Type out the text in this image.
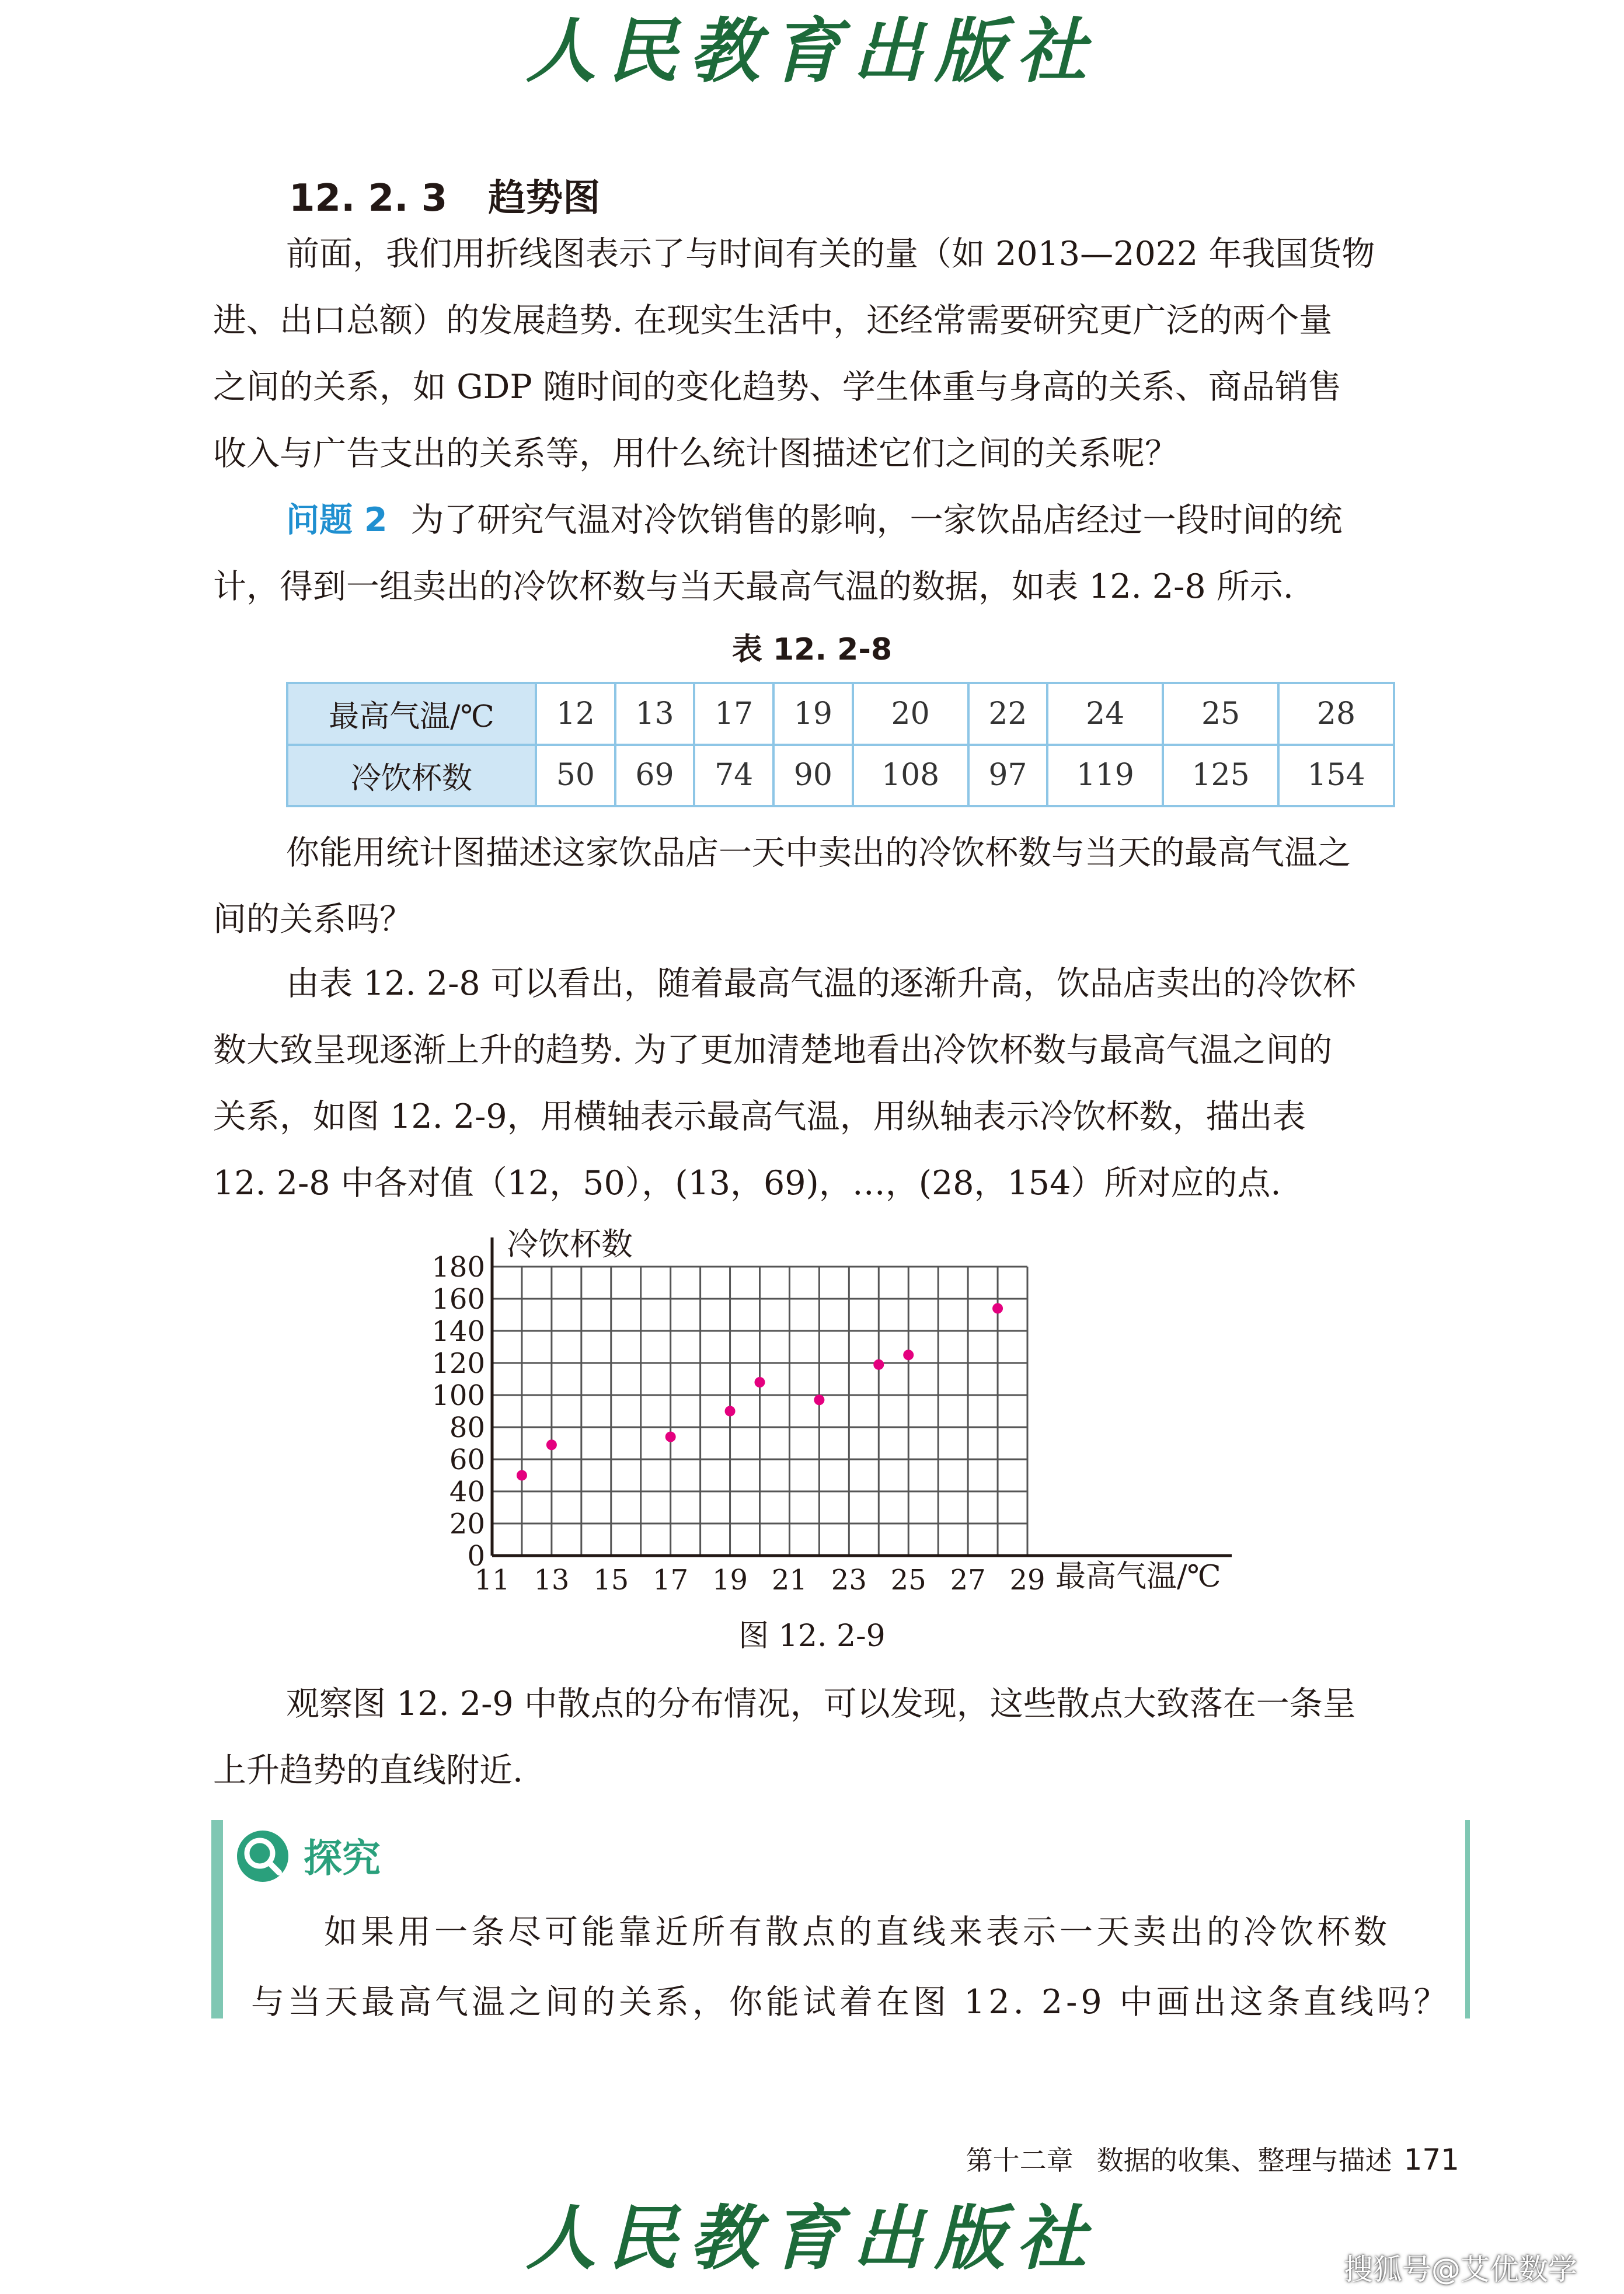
人民教育出版社
12. 2. 3 趋势图
前面，我们用折线图表示了与时间有关的量（如 2013—2022 年我国货物
进、出口总额）的发展趋势. 在现实生活中，还经常需要研究更广泛的两个量
之间的关系，如 GDP 随时间的变化趋势、学生体重与身高的关系、商品销售
收入与广告支出的关系等，用什么统计图描述它们之间的关系呢？
问题 2 为了研究气温对冷饮销售的影响，一家饮品店经过一段时间的统
计，得到一组卖出的冷饮杯数与当天最高气温的数据，如表 12. 2-8 所示.
表 12. 2-8
最高气温/℃	12	13	17	19	20	22	24	25	28
冷饮杯数	50	69	74	90	108	97	119	125	154
你能用统计图描述这家饮品店一天中卖出的冷饮杯数与当天的最高气温之
间的关系吗？
由表 12. 2-8 可以看出，随着最高气温的逐渐升高，饮品店卖出的冷饮杯
数大致呈现逐渐上升的趋势. 为了更加清楚地看出冷饮杯数与最高气温之间的
关系，如图 12. 2-9，用横轴表示最高气温，用纵轴表示冷饮杯数，描出表
12. 2-8 中各对值（12，50），(13，69)，…，(28，154）所对应的点.
0
20
40
60
80
100
120
140
160
180
11 13 15 17 19 21 23 25 27 29
冷饮杯数
最高气温/℃
图 12. 2-9
观察图 12. 2-9 中散点的分布情况，可以发现，这些散点大致落在一条呈
上升趋势的直线附近.
探究
如果用一条尽可能靠近所有散点的直线来表示一天卖出的冷饮杯数
与当天最高气温之间的关系，你能试着在图 12. 2-9 中画出这条直线吗？
第十二章 数据的收集、整理与描述 171
人民教育出版社	搜狐号@艾优数学
